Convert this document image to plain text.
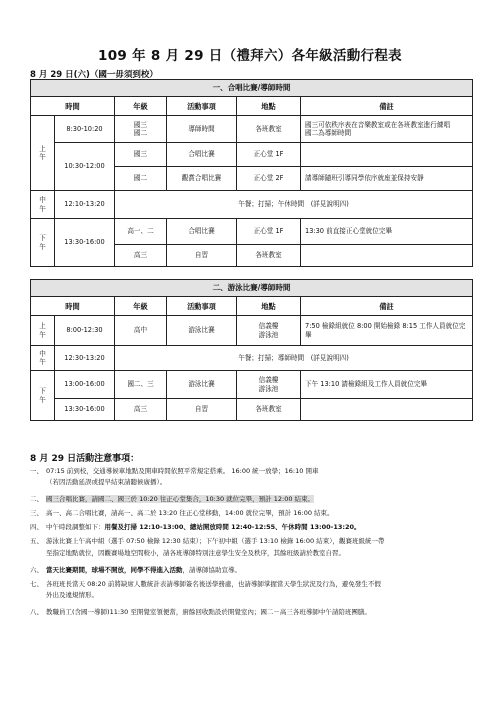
109 年 8 月 29 日（禮拜六）各年級活動行程表
8 月 29 日(六)（國一毋須到校）
一、合唱比賽/導師時間					
時間		年級	活動事項	地點	備註
上
午	8:30-10:20	國三
國二	導師時間	各班教室	國三可依秩序表在音樂教室或在各班教室進行練唱
國二為導師時間
	10:30-12:00	國三	合唱比賽	正心堂 1F	
		國二	觀賞合唱比賽	正心堂 2F	請導師隨班引導同學依序就座並保持安靜
中
午	12:10-13:20	午餐；打掃；午休時間　(詳見說明四)			
下
午	13:30-16:00	高一、二	合唱比賽	正心堂 1F	13:30 前直接正心堂就位完畢
		高三	自習	各班教室	
二、游泳比賽/導師時間					
時間		年級	活動事項	地點	備註
上
午	8:00-12:30	高中	游泳比賽	信義樓
游泳池	7:50 檢錄組就位 8:00 開始檢錄 8:15 工作人員就位完畢
中
午	12:30-13:20	午餐；打掃；導師時間　(詳見說明四)			
下
午	13:00-16:00	國二、三	游泳比賽	信義樓
游泳池	下午 13:10 請檢錄組及工作人員就位完畢
	13:30-16:00	高三	自習	各班教室	
8 月 29 日活動注意事項：
一、 07:15 前到校，交通導候車地點及開車時間依照平常規定搭乘。 16:00 統一放學；16:10 開車

（若因活動延誤或提早結束請聽候廣播）。

二、 國三合唱比賽，請國二、國三於 10:20 往正心堂集合，10:30 就位完畢，預計 12:00 結束。
三、 高一、高二合唱比賽，請高一、高二於 13:20 往正心堂移動，14:00 就位完畢，預計 16:00 結束。
四、 中午時段調整如下：用餐及打掃 12:10-13:00、總站開放時間 12:40-12:55、午休時間 13:00-13:20。
五、 游泳比賽上午高中組（選手 07:50 檢錄 12:30 結束）；下午初中組（選手 13:10 檢錄 16:00 結束），觀賽班級統一帶

至指定地點就位，因觀賽場地空間較小，請各班導師特別注意學生安全及秩序，其餘班級請於教室自習。

六、 當天比賽期間，球場不開放，同學不得進入活動，請導師協助宣導。
七、 各班班長當天 08:20 前將缺席人數統計表請導師簽名後送學務處，也請導師掌握當天學生狀況及行為，避免發生不假

外出及違規情形。

八、 教職員工(含國一導師)11:30 至開覺室領便當，廚餘回收點設於開覺室內；國二－高三各班導師中午請陪班團膳。
